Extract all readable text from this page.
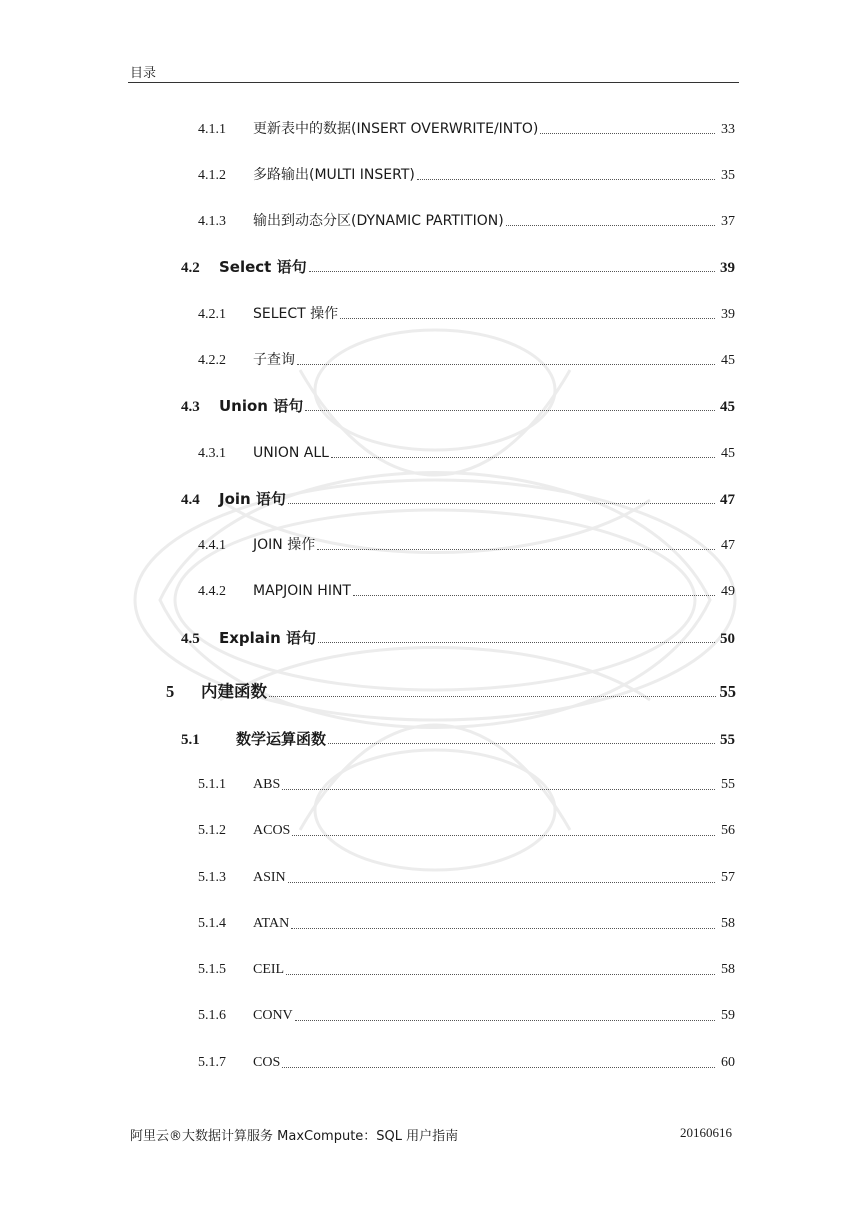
目录
4.1.1	更新表中的数据(INSERT OVERWRITE/INTO)	33
4.1.2	多路输出(MULTI INSERT)	35
4.1.3	输出到动态分区(DYNAMIC PARTITION)	37
4.2	Select 语句	39
4.2.1	SELECT 操作	39
4.2.2	子查询	45
4.3	Union 语句	45
4.3.1	UNION ALL	45
4.4	Join 语句	47
4.4.1	JOIN 操作	47
4.4.2	MAPJOIN HINT	49
4.5	Explain 语句	50
5	内建函数	55
5.1	数学运算函数	55
5.1.1	ABS	55
5.1.2	ACOS	56
5.1.3	ASIN	57
5.1.4	ATAN	58
5.1.5	CEIL	58
5.1.6	CONV	59
5.1.7	COS	60
阿里云®大数据计算服务 MaxCompute：SQL 用户指南	20160616
